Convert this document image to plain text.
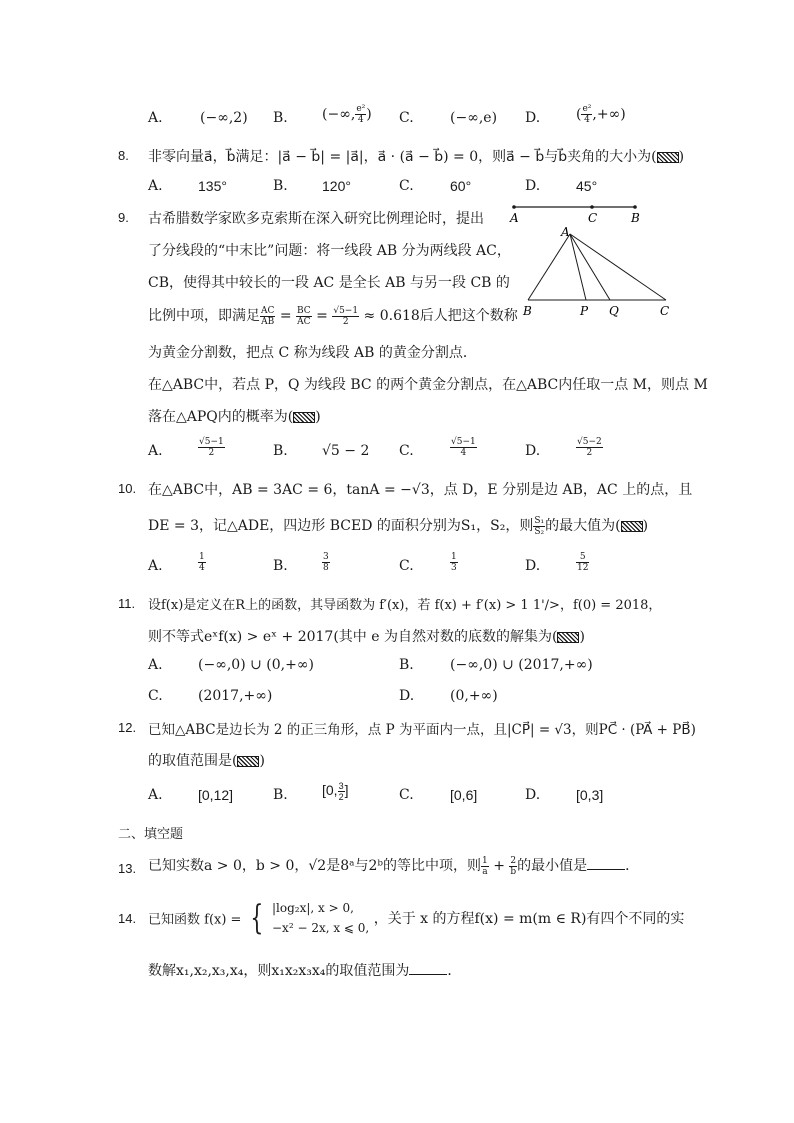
A.	(−∞,2) B. (−∞, $\frac{\text{e²}}{4}$ ) C.	(−∞,e) D.	( $\frac{\text{e²}}{4}$ ,+∞)
8. 非零向量a⃗，b⃗满足：|a⃗ − b⃗| = |a⃗|，a⃗ · (a⃗ − b⃗) = 0，则a⃗ − b⃗与b⃗夹角的大小为( )
A.	135°	B. 120°	C.	60°	D.	45°
9. 古希腊数学家欧多克索斯在深入研究比例理论时，提出
了分线段的“中末比”问题：将一线段 AB 分为两线段 AC，
CB，使得其中较长的一段 AC 是全长 AB 与另一段 CB 的
比例中项，即满足 $\frac{AC}{AB} = \frac{BC}{AC} = \frac{√5-1}{2} \approx 0.618$后人把这个数称
为黄金分割数，把点 C 称为线段 AB 的黄金分割点．
在△ABC中，若点 P，Q 为线段 BC 的两个黄金分割点，在△ABC内任取一点 M，则点 M
落在△APQ内的概率为( )
A	C	B
A
B	P Q	C
A.	$\frac{√5-1}{2}$	B. √5 − 2 C.	$\frac{√5-1}{4}$	D.	$\frac{√5-2}{2}$
10. 在△ABC中，AB = 3AC = 6，tanA = −√3，点 D，E 分别是边 AB，AC 上的点，且
DE = 3，记△ADE，四边形 BCED 的面积分别为S₁，S₂，则 $\frac{\text{S₁}}{\text{S₂}}$ 的最大值为( )
A.	$\frac{1}{4}$	B.	$\frac{3}{8}$	C.	$\frac{1}{3}$	D.	$\frac{5}{12}$
11. 设f(x)是定义在R上的函数，其导函数为 f′(x)，若 f(x) + f′(x) > 1 1'/>，f(0) = 2018，
则不等式eˣf(x) > eˣ + 2017(其中 e 为自然对数的底数的解集为( )
A.	(−∞,0) ∪ (0,+∞)	B.	(−∞,0) ∪ (2017,+∞)
C.	(2017,+∞)	D.	(0,+∞)
12. 已知△ABC是边长为 2 的正三角形，点 P 为平面内一点，且|CP⃗| = √3，则PC⃗ · (PA⃗ + PB⃗)
的取值范围是( )
A.	[0,12]	B. [0, $\frac{3}{2}$ ]	C.	[0,6]	D.	[0,3]
二、填空题
13. 已知实数a > 0，b > 0，√2是8ᵃ与2ᵇ的等比中项，则 $\frac{1}{a} + \frac{2}{b}$ 的最小值是	．
14. 已知函数 f(x) = { |log₂x|, x > 0,
−x² − 2x, x ⩽ 0,
，关于 x 的方程f(x) = m(m ∈ R)有四个不同的实
数解x₁,x₂,x₃,x₄，则x₁x₂x₃x₄的取值范围为	．
